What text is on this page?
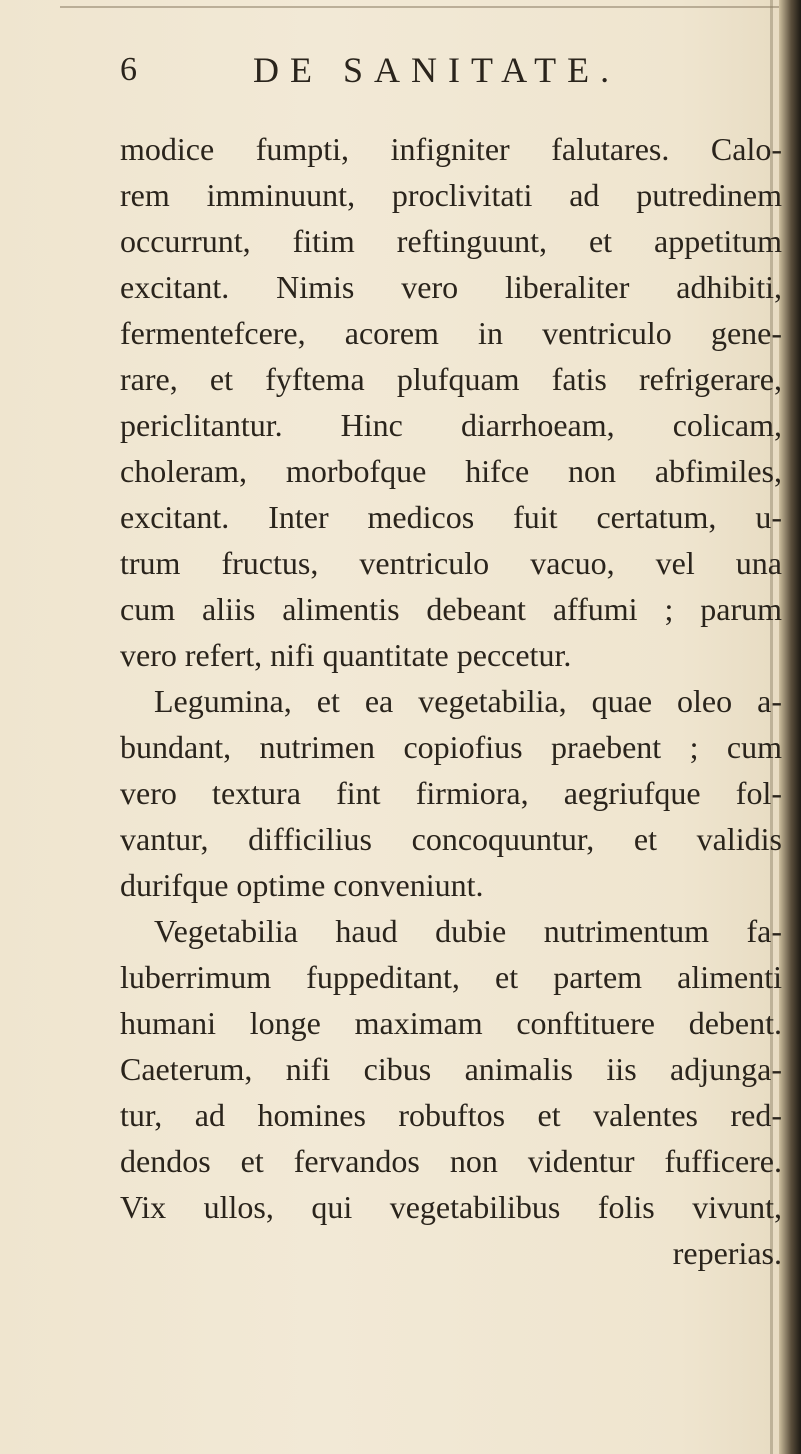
6	DE SANITATE.
modice fumpti, infigniter falutares. Calo-
rem imminuunt, proclivitati ad putredinem
occurrunt, fitim reftinguunt, et appetitum
excitant. Nimis vero liberaliter adhibiti,
fermentefcere, acorem in ventriculo gene-
rare, et fyftema plufquam fatis refrigerare,
periclitantur. Hinc diarrhoeam, colicam,
choleram, morbofque hifce non abfimiles,
excitant. Inter medicos fuit certatum, u-
trum fructus, ventriculo vacuo, vel una
cum aliis alimentis debeant affumi ; parum
vero refert, nifi quantitate peccetur.
Legumina, et ea vegetabilia, quae oleo a-
bundant, nutrimen copiofius praebent ; cum
vero textura fint firmiora, aegriufque fol-
vantur, difficilius concoquuntur, et validis
durifque optime conveniunt.
Vegetabilia haud dubie nutrimentum fa-
luberrimum fuppeditant, et partem alimenti
humani longe maximam conftituere debent.
Caeterum, nifi cibus animalis iis adjunga-
tur, ad homines robuftos et valentes red-
dendos et fervandos non videntur fufficere.
Vix ullos, qui vegetabilibus folis vivunt,
reperias.
